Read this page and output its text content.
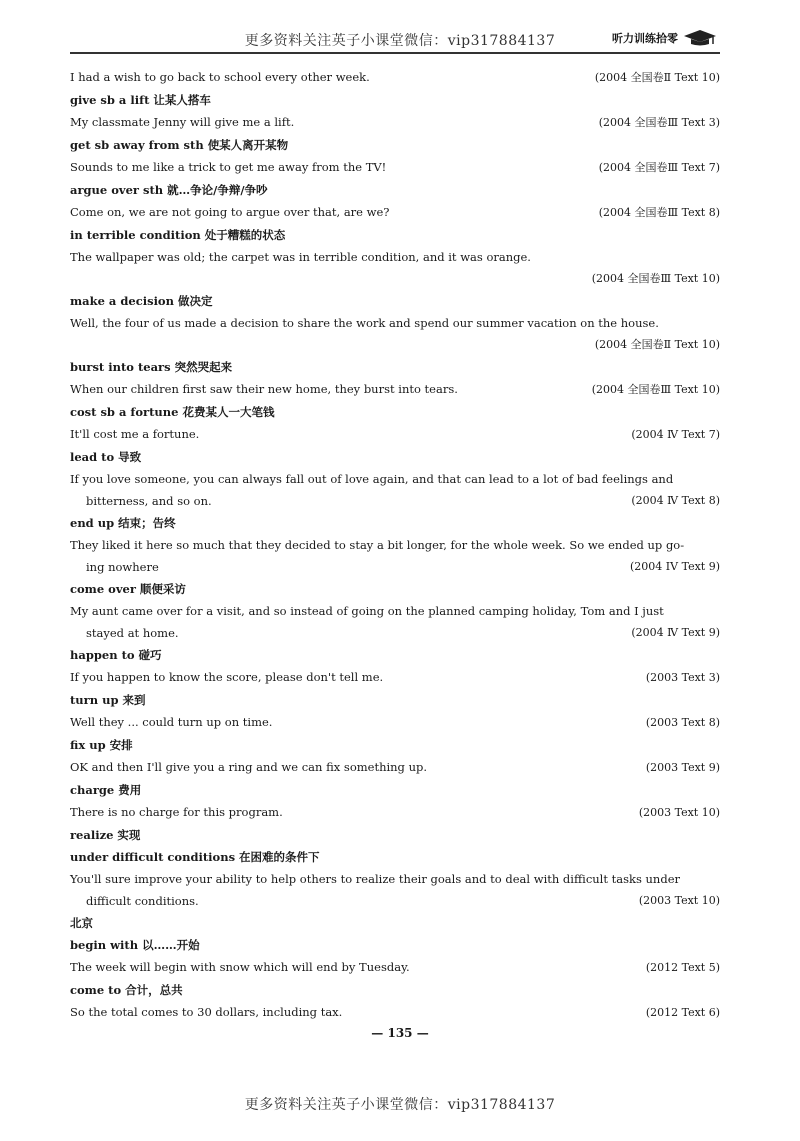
更多资料关注英子小课堂微信：vip317884137	听力训练拾零
I had a wish to go back to school every other week.	(2004 全国卷Ⅱ Text 10)
give sb a lift 让某人搭车
My classmate Jenny will give me a lift.	(2004 全国卷Ⅲ Text 3)
get sb away from sth 使某人离开某物
Sounds to me like a trick to get me away from the TV!	(2004 全国卷Ⅲ Text 7)
argue over sth 就…争论/争辩/争吵
Come on, we are not going to argue over that, are we?	(2004 全国卷Ⅲ Text 8)
in terrible condition 处于糟糕的状态
The wallpaper was old; the carpet was in terrible condition, and it was orange.
(2004 全国卷Ⅲ Text 10)
make a decision 做决定
Well, the four of us made a decision to share the work and spend our summer vacation on the house.
(2004 全国卷Ⅱ Text 10)
burst into tears 突然哭起来
When our children first saw their new home, they burst into tears.	(2004 全国卷Ⅲ Text 10)
cost sb a fortune 花费某人一大笔钱
It'll cost me a fortune.	(2004 Ⅳ Text 7)
lead to 导致
If you love someone, you can always fall out of love again, and that can lead to a lot of bad feelings and
bitterness, and so on.	(2004 Ⅳ Text 8)
end up 结束；告终
They liked it here so much that they decided to stay a bit longer, for the whole week. So we ended up go-
ing nowhere	(2004 IV Text 9)
come over 顺便采访
My aunt came over for a visit, and so instead of going on the planned camping holiday, Tom and I just
stayed at home.	(2004 Ⅳ Text 9)
happen to 碰巧
If you happen to know the score, please don't tell me.	(2003 Text 3)
turn up 来到
Well they ... could turn up on time.	(2003 Text 8)
fix up 安排
OK and then I'll give you a ring and we can fix something up.	(2003 Text 9)
charge 费用
There is no charge for this program.	(2003 Text 10)
realize 实现
under difficult conditions 在困难的条件下
You'll sure improve your ability to help others to realize their goals and to deal with difficult tasks under
difficult conditions.	(2003 Text 10)
北京
begin with 以……开始
The week will begin with snow which will end by Tuesday.	(2012 Text 5)
come to 合计，总共
So the total comes to 30 dollars, including tax.	(2012 Text 6)
— 135 —
更多资料关注英子小课堂微信：vip317884137
